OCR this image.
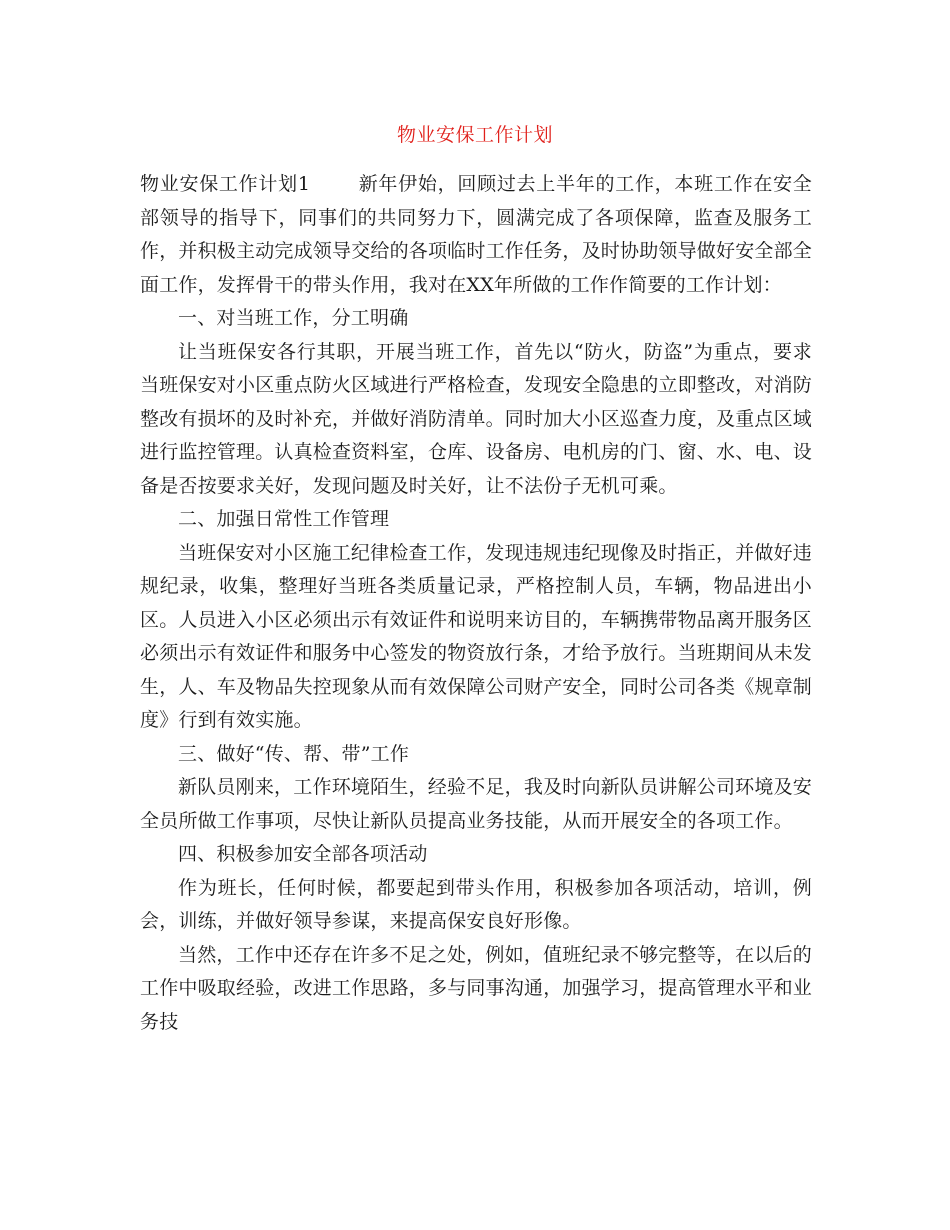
物业安保工作计划

物业安保工作计划1	新年伊始，回顾过去上半年的工作，本班工作在安全部领导的指导下，同事们的共同努力下，圆满完成了各项保障，监查及服务工作，并积极主动完成领导交给的各项临时工作任务，及时协助领导做好安全部全面工作，发挥骨干的带头作用，我对在XX年所做的工作作简要的工作计划：

一、对当班工作，分工明确

让当班保安各行其职，开展当班工作，首先以“防火，防盗”为重点，要求当班保安对小区重点防火区域进行严格检查，发现安全隐患的立即整改，对消防整改有损坏的及时补充，并做好消防清单。同时加大小区巡查力度，及重点区域进行监控管理。认真检查资料室，仓库、设备房、电机房的门、窗、水、电、设备是否按要求关好，发现问题及时关好，让不法份子无机可乘。

二、加强日常性工作管理

当班保安对小区施工纪律检查工作，发现违规违纪现像及时指正，并做好违规纪录，收集，整理好当班各类质量记录，严格控制人员，车辆，物品进出小区。人员进入小区必须出示有效证件和说明来访目的，车辆携带物品离开服务区必须出示有效证件和服务中心签发的物资放行条，才给予放行。当班期间从未发生，人、车及物品失控现象从而有效保障公司财产安全，同时公司各类《规章制度》行到有效实施。

三、做好“传、帮、带”工作

新队员刚来，工作环境陌生，经验不足，我及时向新队员讲解公司环境及安全员所做工作事项，尽快让新队员提高业务技能，从而开展安全的各项工作。

四、积极参加安全部各项活动

作为班长，任何时候，都要起到带头作用，积极参加各项活动，培训，例会，训练，并做好领导参谋，来提高保安良好形像。

当然，工作中还存在许多不足之处，例如，值班纪录不够完整等，在以后的工作中吸取经验，改进工作思路，多与同事沟通，加强学习，提高管理水平和业务技
